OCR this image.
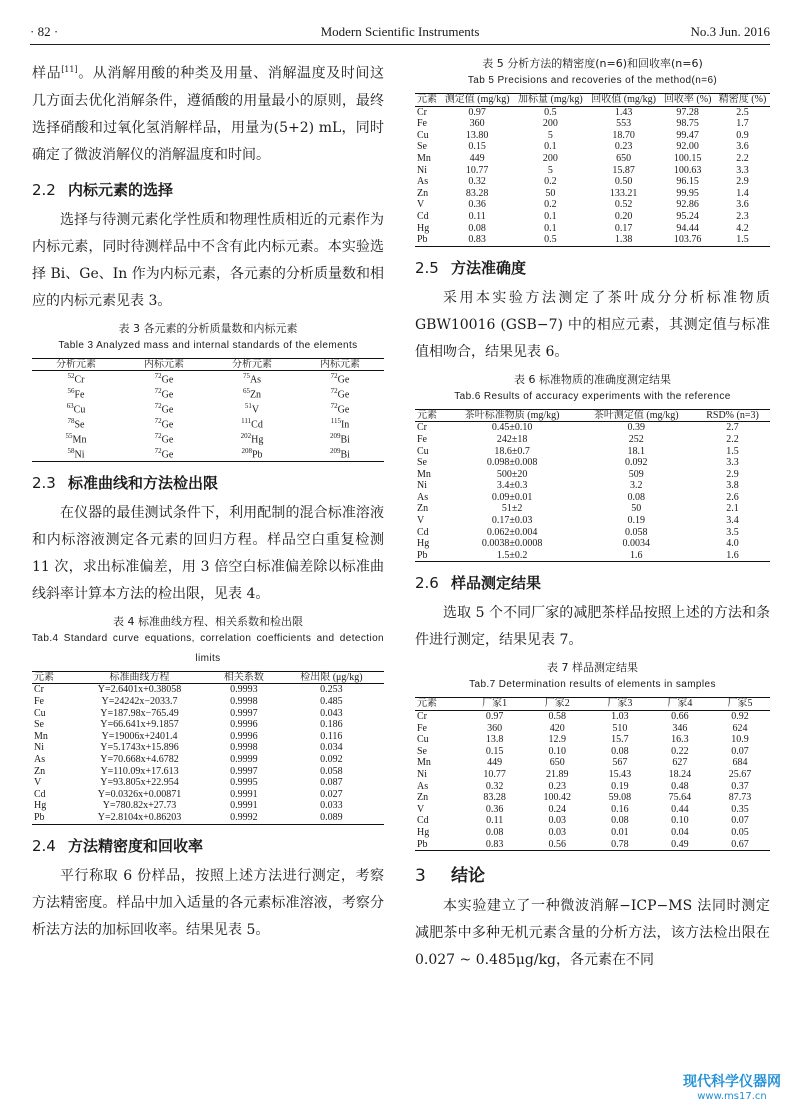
· 82 ·	Modern Scientific Instruments	No.3 Jun. 2016

样品[11]。从消解用酸的种类及用量、消解温度及时间这几方面去优化消解条件，遵循酸的用量最小的原则，最终选择硝酸和过氧化氢消解样品，用量为(5+2) mL，同时确定了微波消解仪的消解温度和时间。

2.2 内标元素的选择

选择与待测元素化学性质和物理性质相近的元素作为内标元素，同时待测样品中不含有此内标元素。本实验选择 Bi、Ge、In 作为内标元素，各元素的分析质量数和相应的内标元素见表 3。

表 3 各元素的分析质量数和内标元素
Table 3 Analyzed mass and internal standards of the elements
分析元素	内标元素	分析元素	内标元素
$^{52}$Cr	$^{72}$Ge	$^{75}$As	$^{72}$Ge
$^{56}$Fe	$^{72}$Ge	$^{65}$Zn	$^{72}$Ge
$^{63}$Cu	$^{72}$Ge	$^{51}$V	$^{72}$Ge
$^{78}$Se	$^{72}$Ge	$^{111}$Cd	$^{115}$In
$^{55}$Mn	$^{72}$Ge	$^{202}$Hg	$^{209}$Bi
$^{58}$Ni	$^{72}$Ge	$^{208}$Pb	$^{209}$Bi
2.3 标准曲线和方法检出限

在仪器的最佳测试条件下，利用配制的混合标准溶液和内标溶液测定各元素的回归方程。样品空白重复检测 11 次，求出标准偏差，用 3 倍空白标准偏差除以标准曲线斜率计算本方法的检出限，见表 4。

表 4 标准曲线方程、相关系数和检出限
Tab.4 Standard curve equations, correlation coefficients and detection limits
元素	标准曲线方程	相关系数	检出限 (μg/kg)
Cr	Y=2.6401x+0.38058	0.9993	0.253
Fe	Y=24242x−2033.7	0.9998	0.485
Cu	Y=187.98x−765.49	0.9997	0.043
Se	Y=66.641x+9.1857	0.9996	0.186
Mn	Y=19006x+2401.4	0.9996	0.116
Ni	Y=5.1743x+15.896	0.9998	0.034
As	Y=70.668x+4.6782	0.9999	0.092
Zn	Y=110.09x+17.613	0.9997	0.058
V	Y=93.805x+22.954	0.9995	0.087
Cd	Y=0.0326x+0.00871	0.9991	0.027
Hg	Y=780.82x+27.73	0.9991	0.033
Pb	Y=2.8104x+0.86203	0.9992	0.089
2.4 方法精密度和回收率

平行称取 6 份样品，按照上述方法进行测定，考察方法精密度。样品中加入适量的各元素标准溶液，考察分析法方法的加标回收率。结果见表 5。

表 5 分析方法的精密度(n=6)和回收率(n=6)
Tab 5 Precisions and recoveries of the method(n=6)
元素	测定值 (mg/kg)	加标量 (mg/kg)	回收值 (mg/kg)	回收率 (%)	精密度 (%)
Cr	0.97	0.5	1.43	97.28	2.5
Fe	360	200	553	98.75	1.7
Cu	13.80	5	18.70	99.47	0.9
Se	0.15	0.1	0.23	92.00	3.6
Mn	449	200	650	100.15	2.2
Ni	10.77	5	15.87	100.63	3.3
As	0.32	0.2	0.50	96.15	2.9
Zn	83.28	50	133.21	99.95	1.4
V	0.36	0.2	0.52	92.86	3.6
Cd	0.11	0.1	0.20	95.24	2.3
Hg	0.08	0.1	0.17	94.44	4.2
Pb	0.83	0.5	1.38	103.76	1.5
2.5 方法准确度

采用本实验方法测定了茶叶成分分析标准物质 GBW10016 (GSB−7) 中的相应元素，其测定值与标准值相吻合，结果见表 6。

表 6 标准物质的准确度测定结果
Tab.6 Results of accuracy experiments with the reference
元素	茶叶标准物质 (mg/kg)	茶叶测定值 (mg/kg)	RSD% (n=3)
Cr	0.45±0.10	0.39	2.7
Fe	242±18	252	2.2
Cu	18.6±0.7	18.1	1.5
Se	0.098±0.008	0.092	3.3
Mn	500±20	509	2.9
Ni	3.4±0.3	3.2	3.8
As	0.09±0.01	0.08	2.6
Zn	51±2	50	2.1
V	0.17±0.03	0.19	3.4
Cd	0.062±0.004	0.058	3.5
Hg	0.0038±0.0008	0.0034	4.0
Pb	1.5±0.2	1.6	1.6
2.6 样品测定结果

选取 5 个不同厂家的减肥茶样品按照上述的方法和条件进行测定，结果见表 7。

表 7 样品测定结果
Tab.7 Determination results of elements in samples
元素	厂家1	厂家2	厂家3	厂家4	厂家5
Cr	0.97	0.58	1.03	0.66	0.92
Fe	360	420	510	346	624
Cu	13.8	12.9	15.7	16.3	10.9
Se	0.15	0.10	0.08	0.22	0.07
Mn	449	650	567	627	684
Ni	10.77	21.89	15.43	18.24	25.67
As	0.32	0.23	0.19	0.48	0.37
Zn	83.28	100.42	59.08	75.64	87.73
V	0.36	0.24	0.16	0.44	0.35
Cd	0.11	0.03	0.08	0.10	0.07
Hg	0.08	0.03	0.01	0.04	0.05
Pb	0.83	0.56	0.78	0.49	0.67
3 结论

本实验建立了一种微波消解−ICP−MS 法同时测定减肥茶中多种无机元素含量的分析方法，该方法检出限在 0.027 ~ 0.485μg/kg，各元素在不同

现代科学仪器网
www.ms17.cn
